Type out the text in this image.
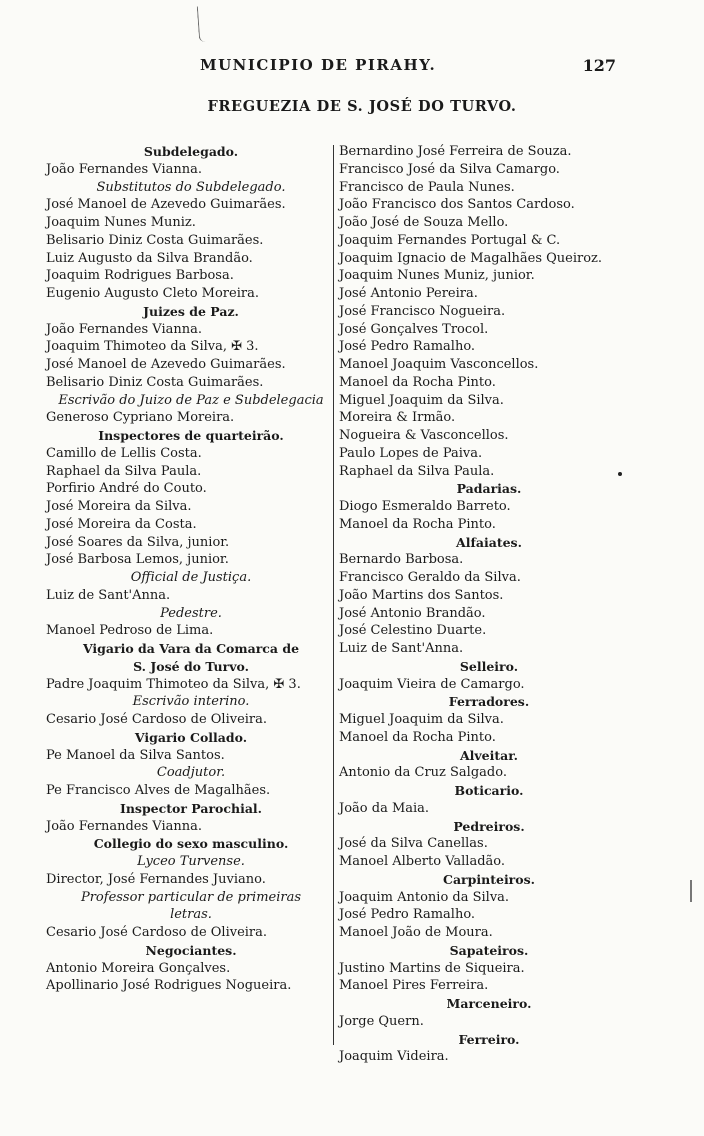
MUNICIPIO DE PIRAHY.	127
FREGUEZIA DE S. JOSÉ DO TURVO.
Subdelegado.
João Fernandes Vianna.
Substitutos do Subdelegado.
José Manoel de Azevedo Guimarães.
Joaquim Nunes Muniz.
Belisario Diniz Costa Guimarães.
Luiz Augusto da Silva Brandão.
Joaquim Rodrigues Barbosa.
Eugenio Augusto Cleto Moreira.
Juizes de Paz.
João Fernandes Vianna.
Joaquim Thimoteo da Silva, ✠ 3.
José Manoel de Azevedo Guimarães.
Belisario Diniz Costa Guimarães.
Escrivão do Juizo de Paz e Subdelegacia
Generoso Cypriano Moreira.
Inspectores de quarteirão.
Camillo de Lellis Costa.
Raphael da Silva Paula.
Porfirio André do Couto.
José Moreira da Silva.
José Moreira da Costa.
José Soares da Silva, junior.
José Barbosa Lemos, junior.
Official de Justiça.
Luiz de Sant'Anna.
Pedestre.
Manoel Pedroso de Lima.
Vigario da Vara da Comarca de
S. José do Turvo.
Padre Joaquim Thimoteo da Silva, ✠ 3.
Escrivão interino.
Cesario José Cardoso de Oliveira.
Vigario Collado.
Pe Manoel da Silva Santos.
Coadjutor.
Pe Francisco Alves de Magalhães.
Inspector Parochial.
João Fernandes Vianna.
Collegio do sexo masculino.
Lyceo Turvense.
Director, José Fernandes Juviano.
Professor particular de primeiras
letras.
Cesario José Cardoso de Oliveira.
Negociantes.
Antonio Moreira Gonçalves.
Apollinario José Rodrigues Nogueira.
Bernardino José Ferreira de Souza.
Francisco José da Silva Camargo.
Francisco de Paula Nunes.
João Francisco dos Santos Cardoso.
João José de Souza Mello.
Joaquim Fernandes Portugal & C.
Joaquim Ignacio de Magalhães Queiroz.
Joaquim Nunes Muniz, junior.
José Antonio Pereira.
José Francisco Nogueira.
José Gonçalves Trocol.
José Pedro Ramalho.
Manoel Joaquim Vasconcellos.
Manoel da Rocha Pinto.
Miguel Joaquim da Silva.
Moreira & Irmão.
Nogueira & Vasconcellos.
Paulo Lopes de Paiva.
Raphael da Silva Paula.
Padarias.
Diogo Esmeraldo Barreto.
Manoel da Rocha Pinto.
Alfaiates.
Bernardo Barbosa.
Francisco Geraldo da Silva.
João Martins dos Santos.
José Antonio Brandão.
José Celestino Duarte.
Luiz de Sant'Anna.
Selleiro.
Joaquim Vieira de Camargo.
Ferradores.
Miguel Joaquim da Silva.
Manoel da Rocha Pinto.
Alveitar.
Antonio da Cruz Salgado.
Boticario.
João da Maia.
Pedreiros.
José da Silva Canellas.
Manoel Alberto Valladão.
Carpinteiros.
Joaquim Antonio da Silva.
José Pedro Ramalho.
Manoel João de Moura.
Sapateiros.
Justino Martins de Siqueira.
Manoel Pires Ferreira.
Marceneiro.
Jorge Quern.
Ferreiro.
Joaquim Videira.
